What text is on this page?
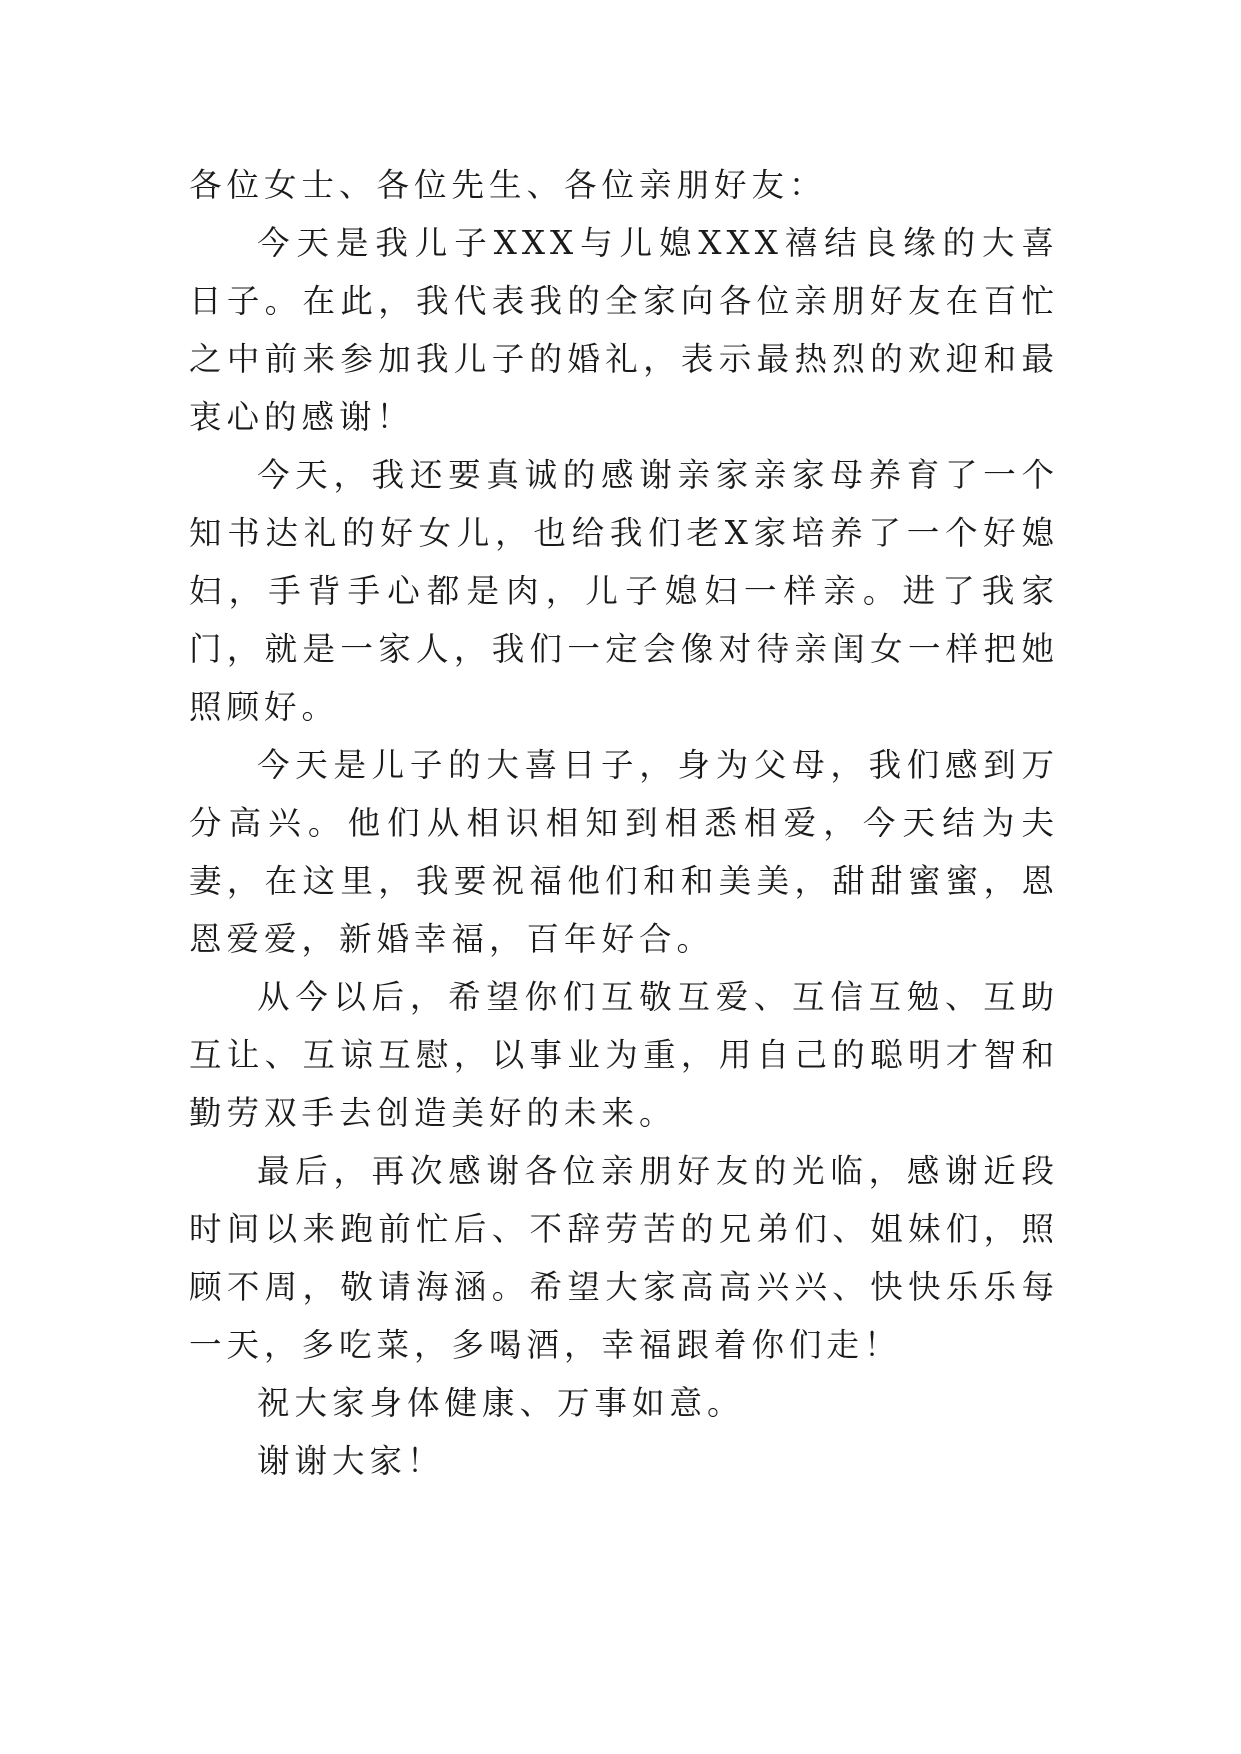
各位女士、各位先生、各位亲朋好友：

今天是我儿子XXX与儿媳XXX禧结良缘的大喜日子。在此，我代表我的全家向各位亲朋好友在百忙之中前来参加我儿子的婚礼，表示最热烈的欢迎和最衷心的感谢！

今天，我还要真诚的感谢亲家亲家母养育了一个知书达礼的好女儿，也给我们老X家培养了一个好媳妇，手背手心都是肉，儿子媳妇一样亲。进了我家门，就是一家人，我们一定会像对待亲闺女一样把她照顾好。

今天是儿子的大喜日子，身为父母，我们感到万分高兴。他们从相识相知到相悉相爱，今天结为夫妻，在这里，我要祝福他们和和美美，甜甜蜜蜜，恩恩爱爱，新婚幸福，百年好合。

从今以后，希望你们互敬互爱、互信互勉、互助互让、互谅互慰，以事业为重，用自己的聪明才智和勤劳双手去创造美好的未来。

最后，再次感谢各位亲朋好友的光临，感谢近段时间以来跑前忙后、不辞劳苦的兄弟们、姐妹们，照顾不周，敬请海涵。希望大家高高兴兴、快快乐乐每一天，多吃菜，多喝酒，幸福跟着你们走！

祝大家身体健康、万事如意。

谢谢大家！
